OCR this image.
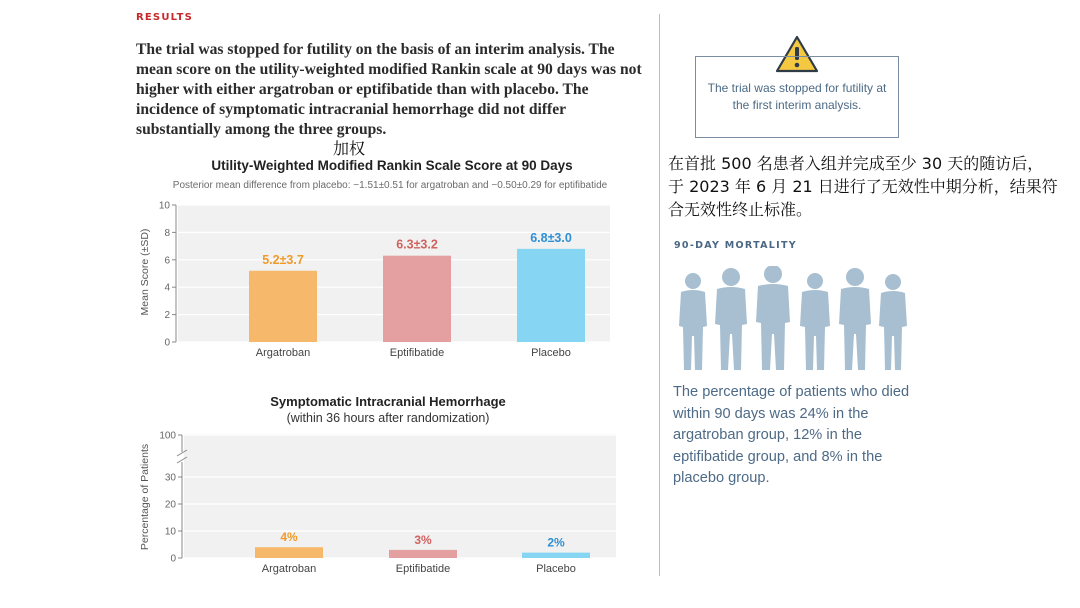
RESULTS
The trial was stopped for futility on the basis of an interim analysis. The mean score on the utility-weighted modified Rankin scale at 90 days was not higher with either argatroban or eptifibatide than with placebo. The incidence of symptomatic intracranial hemorrhage did not differ substantially among the three groups.
加权
Utility-Weighted Modified Rankin Scale Score at 90 Days
Posterior mean difference from placebo: −1.51±0.51 for argatroban and −0.50±0.29 for eptifibatide
0
2
4
6
8
10
5.2±3.7
6.3±3.2	6.8±3.0
Argatroban	Eptifibatide	Placebo
Mean Score (±SD)
Symptomatic Intracranial Hemorrhage
(within 36 hours after randomization)
0
10
20
30
100
4%	3%	2%
Argatroban	Eptifibatide	Placebo
Percentage of Patients
The trial was stopped for futility at the first interim analysis.
在首批 500 名患者入组并完成至少 30 天的随访后，于 2023 年 6 月 21 日进行了无效性中期分析，结果符合无效性终止标准。
90-DAY MORTALITY
The percentage of patients who died within 90 days was 24% in the argatroban group, 12% in the eptifibatide group, and 8% in the placebo group.
